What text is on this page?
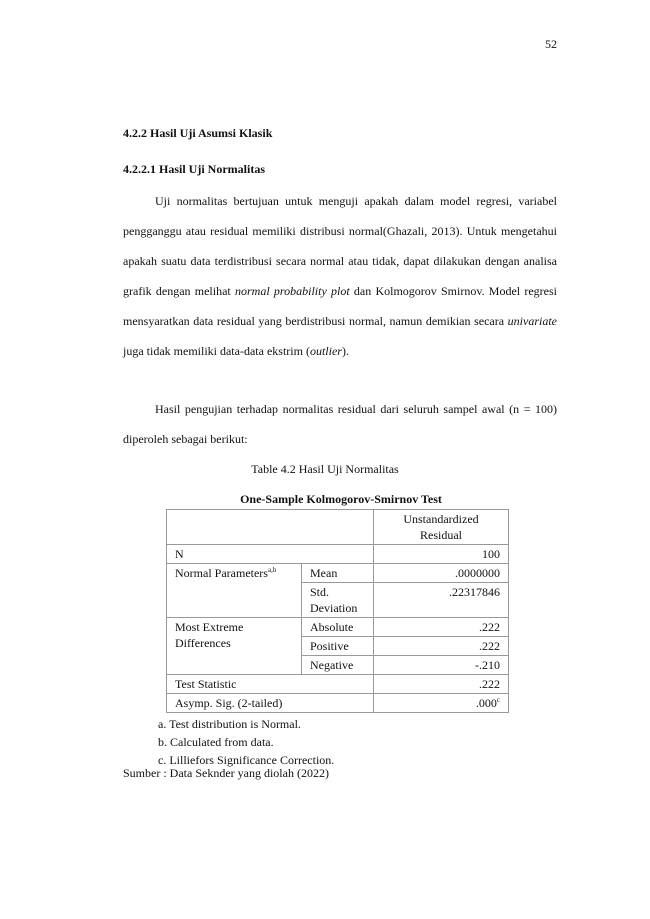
52
4.2.2 Hasil Uji Asumsi Klasik
4.2.2.1 Hasil Uji Normalitas

Uji normalitas bertujuan untuk menguji apakah dalam model regresi, variabel pengganggu atau residual memiliki distribusi normal(Ghazali, 2013). Untuk mengetahui apakah suatu data terdistribusi secara normal atau tidak, dapat dilakukan dengan analisa grafik dengan melihat normal probability plot dan Kolmogorov Smirnov. Model regresi mensyaratkan data residual yang berdistribusi normal, namun demikian secara univariate juga tidak memiliki data-data ekstrim (outlier).

Hasil pengujian terhadap normalitas residual dari seluruh sampel awal (n = 100) diperoleh sebagai berikut:

Table 4.2 Hasil Uji Normalitas
One-Sample Kolmogorov-Smirnov Test
		Unstandardized Residual
N		100
Normal Parameters$^{a,b}$	Mean	.0000000
	Std. Deviation	.22317846
Most Extreme Differences	Absolute	.222
	Positive	.222
	Negative	-.210
Test Statistic		.222
Asymp. Sig. (2-tailed)		.000$^c$
a. Test distribution is Normal.
b. Calculated from data.
c. Lilliefors Significance Correction.
Sumber : Data Seknder yang diolah (2022)
